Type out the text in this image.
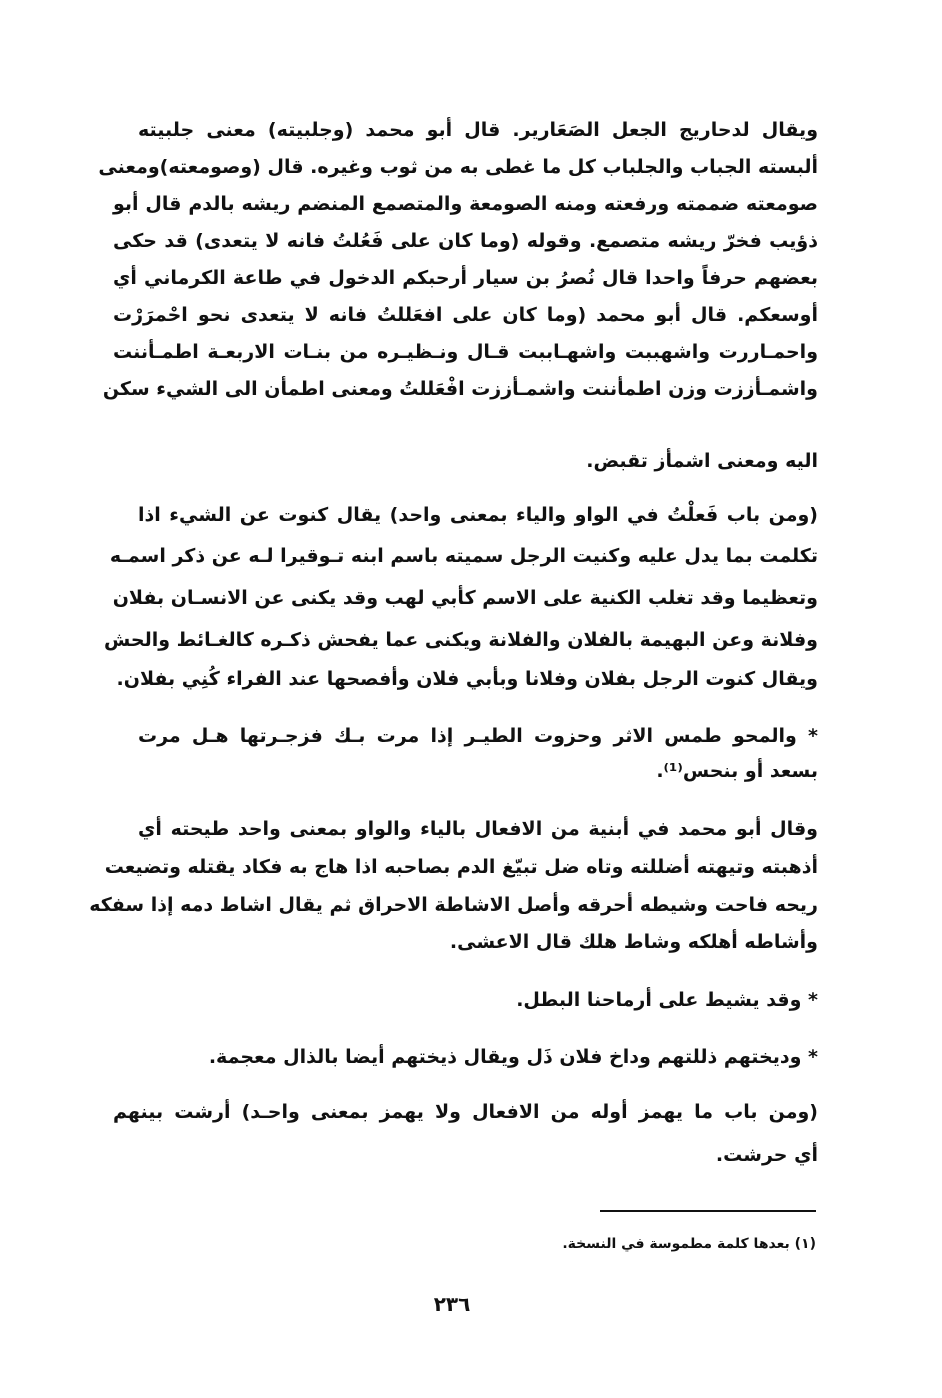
ويقال لدحاريج الجعل الصَعَارير. قال أبو محمد (وجلبيته) معنى جلبيته
ألبسته الجباب والجلباب كل ما غطى به من ثوب وغيره. قال (وصومعته)ومعنى
صومعته ضممته ورفعته ومنه الصومعة والمتصمع المنضم ريشه بالدم قال أبو
ذؤيب فخرّ ريشه متصمع. وقوله (وما كان على فَعُلتُ فانه لا يتعدى) قد حكى
بعضهم حرفاً واحدا قال نُصرُ بن سيار أرحبكم الدخول في طاعة الكرماني أي
أوسعكم. قال أبو محمد (وما كان على افعَللتُ فانه لا يتعدى نحو احْمرَرْت
واحمـاررت واشهببت واشهـاببت قـال ونـظيـره من بنـات الاربعـة اطمـأننت
واشمـأززت وزن اطمأننت واشمـأززت افْعَللتُ ومعنى اطمأن الى الشيء سكن
اليه ومعنى اشمأز تقبض.
(ومن باب فَعلْتُ في الواو والياء بمعنى واحد) يقال كنوت عن الشيء اذا
تكلمت بما يدل عليه وكنيت الرجل سميته باسم ابنه تـوقيرا لـه عن ذكر اسمـه
وتعظيما وقد تغلب الكنية على الاسم كأبي لهب وقد يكنى عن الانسـان بفلان
وفلانة وعن البهيمة بالفلان والفلانة ويكنى عما يفحش ذكـره كالغـائط والحش
ويقال كنوت الرجل بفلان وفلانا وبأبي فلان وأفصحها عند الفراء كُنِي بفلان.
* والمحو طمس الاثر وحزوت الطيـر إذا مرت بـك فزجـرتها هـل مرت
بسعد أو بنحس⁽¹⁾.
وقال أبو محمد في أبنية من الافعال بالياء والواو بمعنى واحد طيحته أي
أذهبته وتيهته أضللته وتاه ضل تبيّغ الدم بصاحبه اذا هاج به فكاد يقتله وتضيعت
ريحه فاحت وشيطه أحرقه وأصل الاشاطة الاحراق ثم يقال اشاط دمه إذا سفكه
وأشاطه أهلكه وشاط هلك قال الاعشى.
* وقد يشيط على أرماحنا البطل.
* وديختهم ذللتهم وداخ فلان ذَل ويقال ذيختهم أيضا بالذال معجمة.
(ومن باب ما يهمز أوله من الافعال ولا يهمز بمعنى واحـد) أرشت بينهم
أي حرشت.
(١) بعدها كلمة مطموسة في النسخة.
٢٣٦
